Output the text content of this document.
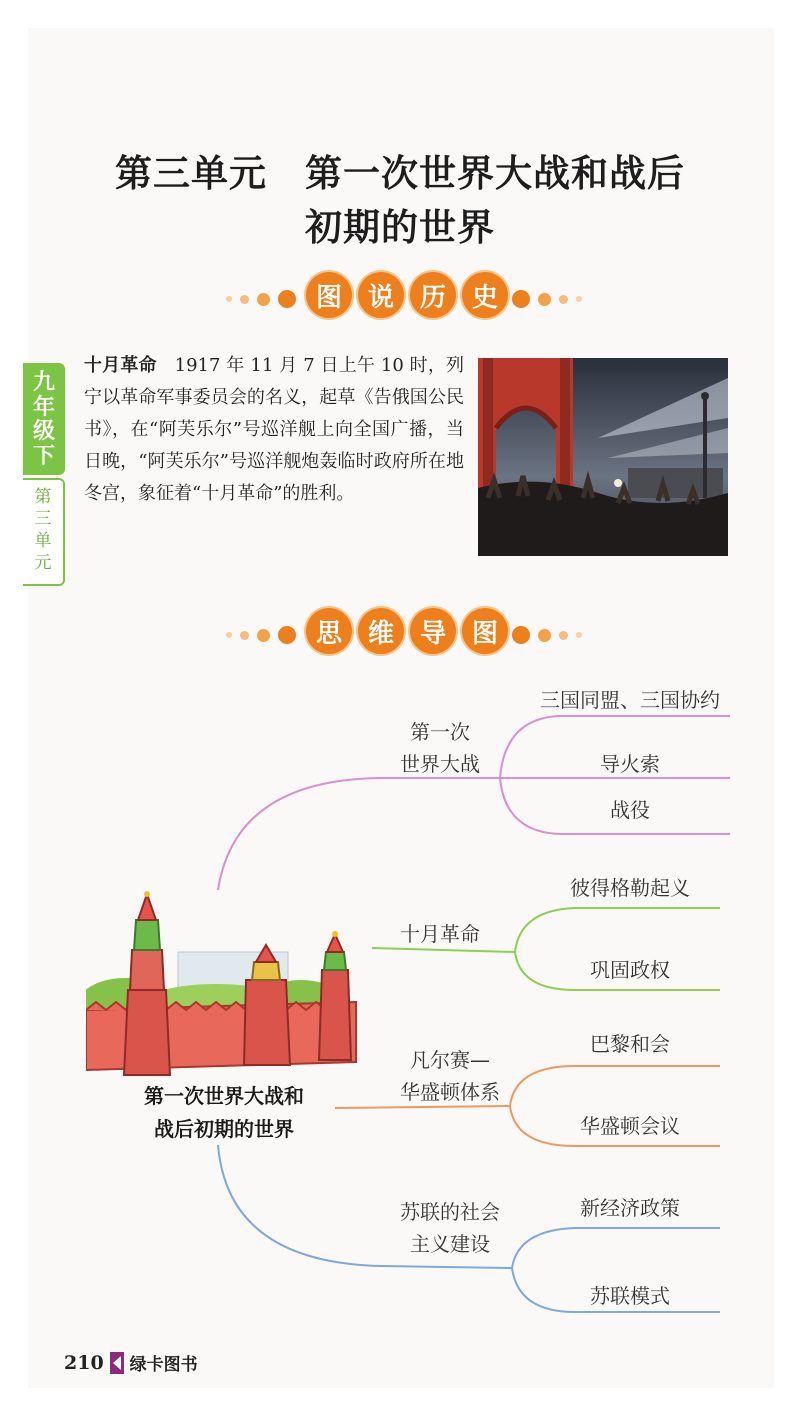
第三单元　第一次世界大战和战后
初期的世界
图 说 历 史
九
年
级
下
第
三
单
元
十月革命 1917 年 11 月 7 日上午 10 时，列宁以革命军事委员会的名义，起草《告俄国公民书》，在“阿芙乐尔”号巡洋舰上向全国广播，当日晚，“阿芙乐尔”号巡洋舰炮轰临时政府所在地冬宫，象征着“十月革命”的胜利。
思 维 导 图
第一次世界大战和
战后初期的世界
第一次
世界大战
三国同盟、三国协约
导火索
战役
十月革命
彼得格勒起义
巩固政权
凡尔赛—
华盛顿体系
巴黎和会
华盛顿会议
苏联的社会
主义建设
新经济政策
苏联模式
210 绿卡图书
